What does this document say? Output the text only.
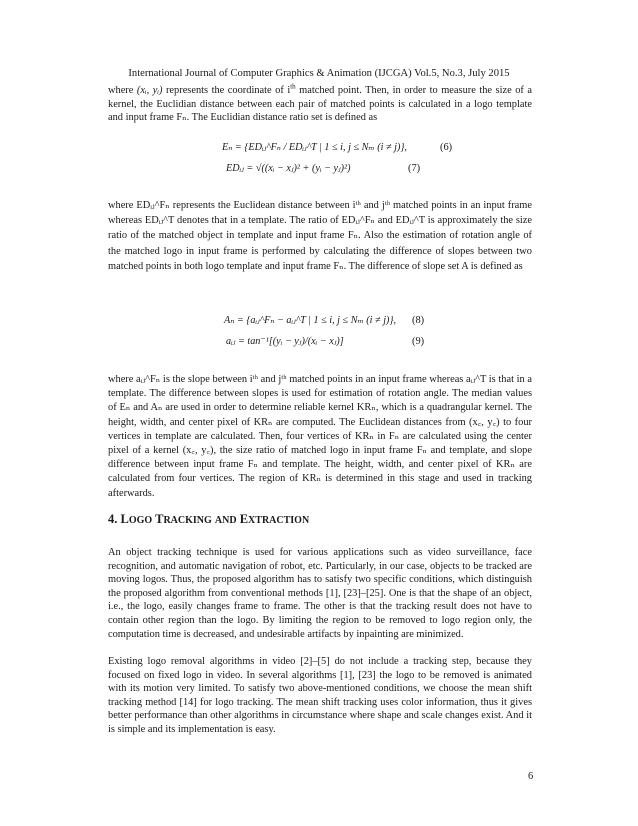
International Journal of Computer Graphics & Animation (IJCGA) Vol.5, No.3, July 2015

where (xᵢ, yᵢ) represents the coordinate of $i^{th}$ matched point. Then, in order to measure the size of a kernel, the Euclidian distance between each pair of matched points is calculated in a logo template and input frame Fₙ. The Euclidian distance ratio set is defined as

Eₙ = {EDᵢⱼ^Fₙ / EDᵢⱼ^T | 1 ≤ i, j ≤ Nₘ (i ≠ j)},	(6)
EDᵢⱼ = √((xᵢ − xⱼ)² + (yᵢ − yⱼ)²)	(7)

where EDᵢⱼ^Fₙ represents the Euclidean distance between iᵗʰ and jᵗʰ matched points in an input frame whereas EDᵢⱼ^T denotes that in a template. The ratio of EDᵢⱼ^Fₙ and EDᵢⱼ^T is approximately the size ratio of the matched object in template and input frame Fₙ. Also the estimation of rotation angle of the matched logo in input frame is performed by calculating the difference of slopes between two matched points in both logo template and input frame Fₙ. The difference of slope set A is defined as

Aₙ = {aᵢⱼ^Fₙ − aᵢⱼ^T | 1 ≤ i, j ≤ Nₘ (i ≠ j)}, (8)
aᵢⱼ = tan⁻¹[(yᵢ − yⱼ)/(xᵢ − xⱼ)]	(9)

where aᵢⱼ^Fₙ is the slope between iᵗʰ and jᵗʰ matched points in an input frame whereas aᵢⱼ^T is that in a template. The difference between slopes is used for estimation of rotation angle. The median values of Eₙ and Aₙ are used in order to determine reliable kernel KRₙ, which is a quadrangular kernel. The height, width, and center pixel of KRₙ are computed. The Euclidean distances from (x꜀, y꜀) to four vertices in template are calculated. Then, four vertices of KRₙ in Fₙ are calculated using the center pixel of a kernel (x꜀, y꜀), the size ratio of matched logo in input frame Fₙ and template, and slope difference between input frame Fₙ and template. The height, width, and center pixel of KRₙ are calculated from four vertices. The region of KRₙ is determined in this stage and used in tracking afterwards.

4. LOGO TRACKING AND EXTRACTION

An object tracking technique is used for various applications such as video surveillance, face recognition, and automatic navigation of robot, etc. Particularly, in our case, objects to be tracked are moving logos. Thus, the proposed algorithm has to satisfy two specific conditions, which distinguish the proposed algorithm from conventional methods [1], [23]–[25]. One is that the shape of an object, i.e., the logo, easily changes frame to frame. The other is that the tracking result does not have to contain other region than the logo. By limiting the region to be removed to logo region only, the computation time is decreased, and undesirable artifacts by inpainting are minimized.

Existing logo removal algorithms in video [2]–[5] do not include a tracking step, because they focused on fixed logo in video. In several algorithms [1], [23] the logo to be removed is animated with its motion very limited. To satisfy two above-mentioned conditions, we choose the mean shift tracking method [14] for logo tracking. The mean shift tracking uses color information, thus it gives better performance than other algorithms in circumstance where shape and scale changes exist. And it is simple and its implementation is easy.

6
